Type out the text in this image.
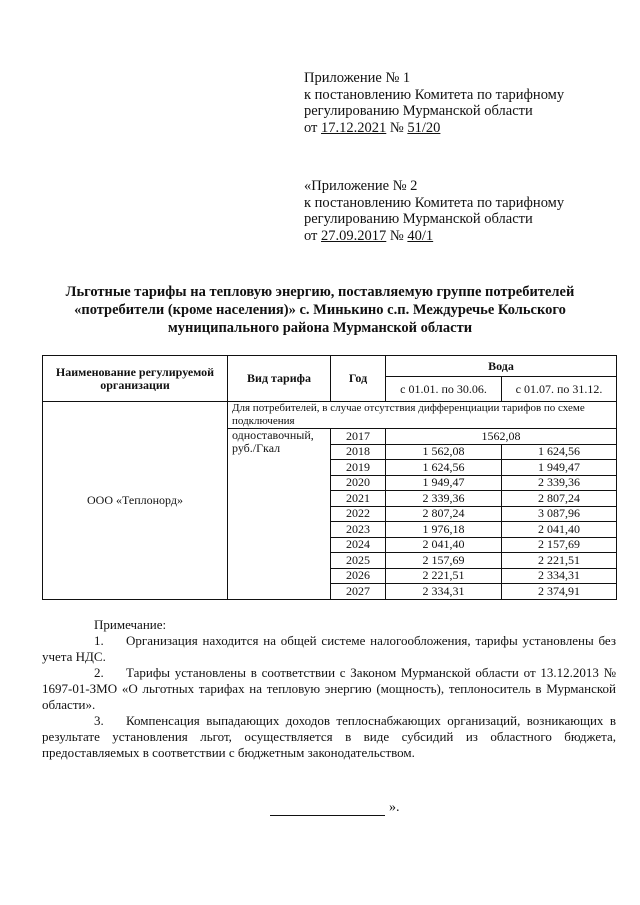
Приложение № 1
к постановлению Комитета по тарифному
регулированию Мурманской области
от 17.12.2021 № 51/20
«Приложение № 2
к постановлению Комитета по тарифному
регулированию Мурманской области
от 27.09.2017 № 40/1
Льготные тарифы на тепловую энергию, поставляемую группе потребителей
«потребители (кроме населения)» с. Минькино с.п. Междуречье Кольского
муниципального района Мурманской области
Наименование регулируемой организации	Вид тарифа	Год	Вода	
			с 01.01. по 30.06.	с 01.07. по 31.12.
ООО «Теплонорд»	Для потребителей, в случае отсутствия дифференциации тарифов по схеме подключения			
	одноставочный, руб./Гкал	2017	1562,08	
		2018	1 562,08	1 624,56
		2019	1 624,56	1 949,47
		2020	1 949,47	2 339,36
		2021	2 339,36	2 807,24
		2022	2 807,24	3 087,96
		2023	1 976,18	2 041,40
		2024	2 041,40	2 157,69
		2025	2 157,69	2 221,51
		2026	2 221,51	2 334,31
		2027	2 334,31	2 374,91

Примечание:

1. Организация находится на общей системе налогообложения, тарифы установлены без учета НДС.

2. Тарифы установлены в соответствии с Законом Мурманской области от 13.12.2013 № 1697-01-ЗМО «О льготных тарифах на тепловую энергию (мощность), теплоноситель в Мурманской области».

3. Компенсация выпадающих доходов теплоснабжающих организаций, возникающих в результате установления льгот, осуществляется в виде субсидий из областного бюджета, предоставляемых в соответствии с бюджетным законодательством.

».
